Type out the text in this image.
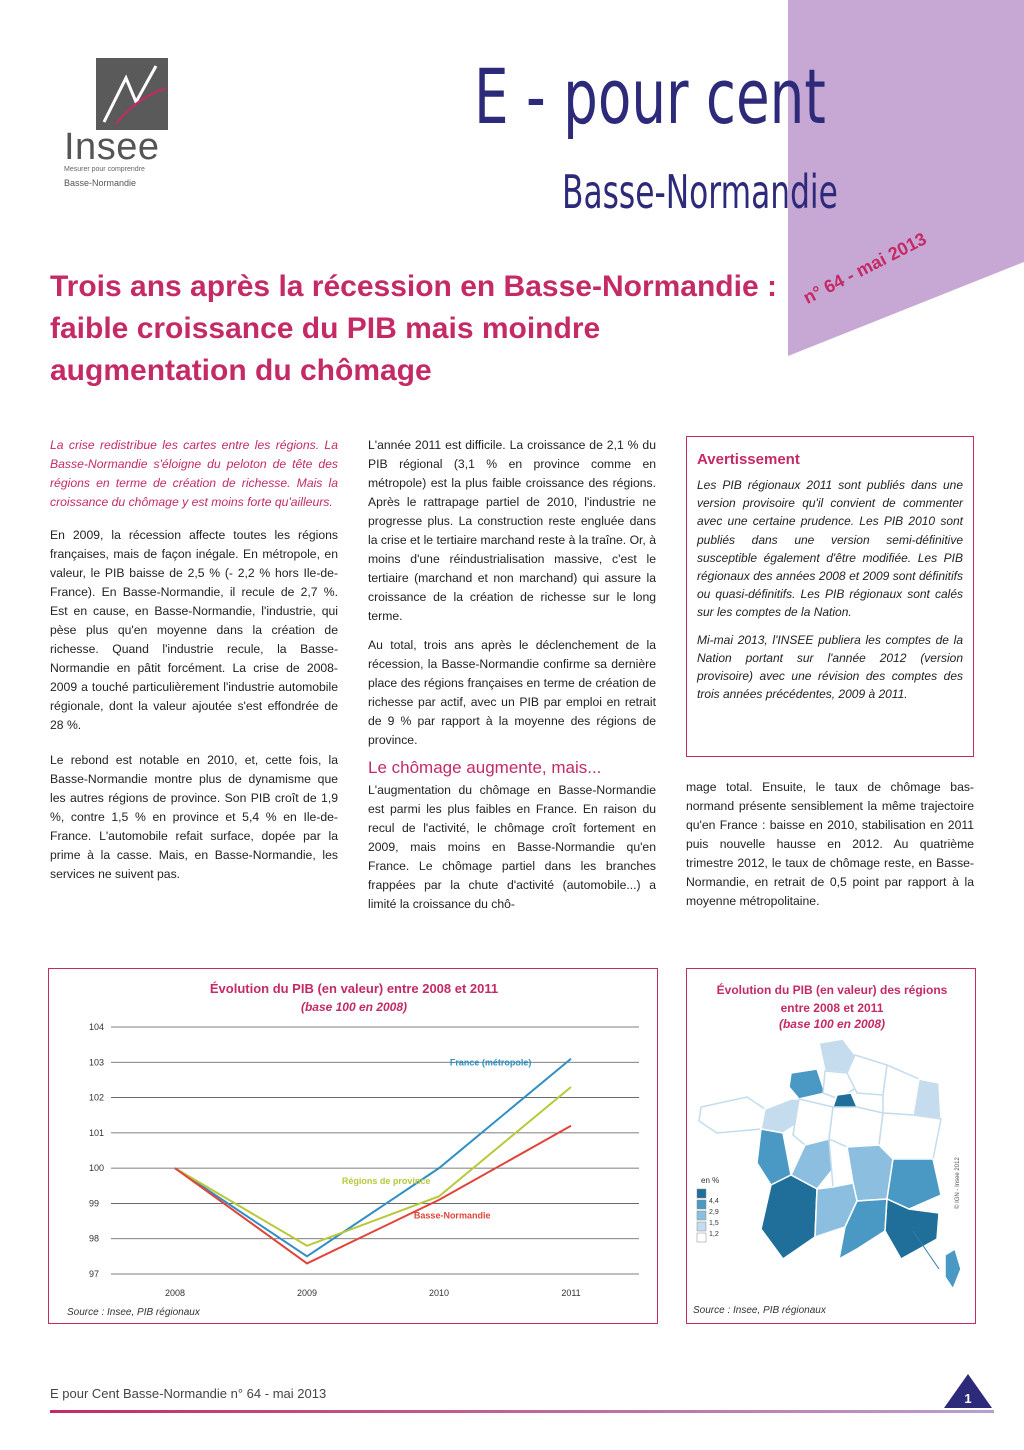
Insee
Mesurer pour comprendre
Basse-Normandie
E - pour cent
Basse-Normandie
n° 64 - mai 2013
Trois ans après la récession en Basse-Normandie : faible croissance du PIB mais moindre augmentation du chômage

La crise redistribue les cartes entre les régions. La Basse-Normandie s'éloigne du peloton de tête des régions en terme de création de richesse. Mais la croissance du chômage y est moins forte qu'ailleurs.

En 2009, la récession affecte toutes les régions françaises, mais de façon inégale. En métropole, en valeur, le PIB baisse de 2,5 % (- 2,2 % hors Ile-de-France). En Basse-Normandie, il recule de 2,7 %. Est en cause, en Basse-Normandie, l'industrie, qui pèse plus qu'en moyenne dans la création de richesse. Quand l'industrie recule, la Basse-Normandie en pâtit forcément. La crise de 2008-2009 a touché particulièrement l'industrie automobile régionale, dont la valeur ajoutée s'est effondrée de 28 %.

Le rebond est notable en 2010, et, cette fois, la Basse-Normandie montre plus de dynamisme que les autres régions de province. Son PIB croît de 1,9 %, contre 1,5 % en province et 5,4 % en Ile-de-France. L'automobile refait surface, dopée par la prime à la casse. Mais, en Basse-Normandie, les services ne suivent pas.

L'année 2011 est difficile. La croissance de 2,1 % du PIB régional (3,1 % en province comme en métropole) est la plus faible croissance des régions. Après le rattrapage partiel de 2010, l'industrie ne progresse plus. La construction reste engluée dans la crise et le tertiaire marchand reste à la traîne. Or, à moins d'une réindustrialisation massive, c'est le tertiaire (marchand et non marchand) qui assure la croissance de la création de richesse sur le long terme.

Au total, trois ans après le déclenchement de la récession, la Basse-Normandie confirme sa dernière place des régions françaises en terme de création de richesse par actif, avec un PIB par emploi en retrait de 9 % par rapport à la moyenne des régions de province.

Le chômage augmente, mais...

L'augmentation du chômage en Basse-Normandie est parmi les plus faibles en France. En raison du recul de l'activité, le chômage croît fortement en 2009, mais moins en Basse-Normandie qu'en France. Le chômage partiel dans les branches frappées par la chute d'activité (automobile...) a limité la croissance du chô-

Avertissement

Les PIB régionaux 2011 sont publiés dans une version provisoire qu'il convient de commenter avec une certaine prudence. Les PIB 2010 sont publiés dans une version semi-définitive susceptible également d'être modifiée. Les PIB régionaux des années 2008 et 2009 sont définitifs ou quasi-définitifs. Les PIB régionaux sont calés sur les comptes de la Nation.

Mi-mai 2013, l'INSEE publiera les comptes de la Nation portant sur l'année 2012 (version provisoire) avec une révision des comptes des trois années précédentes, 2009 à 2011.

mage total. Ensuite, le taux de chômage bas-normand présente sensiblement la même trajectoire qu'en France : baisse en 2010, stabilisation en 2011 puis nouvelle hausse en 2012. Au quatrième trimestre 2012, le taux de chômage reste, en Basse-Normandie, en retrait de 0,5 point par rapport à la moyenne métropolitaine.

Évolution du PIB (en valeur) entre 2008 et 2011
(base 100 en 2008)
97
98
99
100
101
102
103
104
2008	2009	2010	2011
France (métropole)
Régions de province
Basse-Normandie
Source : Insee, PIB régionaux
Évolution du PIB (en valeur) des régions entre 2008 et 2011
(base 100 en 2008)
en %
4,4
2,9
1,5
1,2
© IGN - Insee 2012
Source : Insee, PIB régionaux
E pour Cent Basse-Normandie n° 64 - mai 2013	1
